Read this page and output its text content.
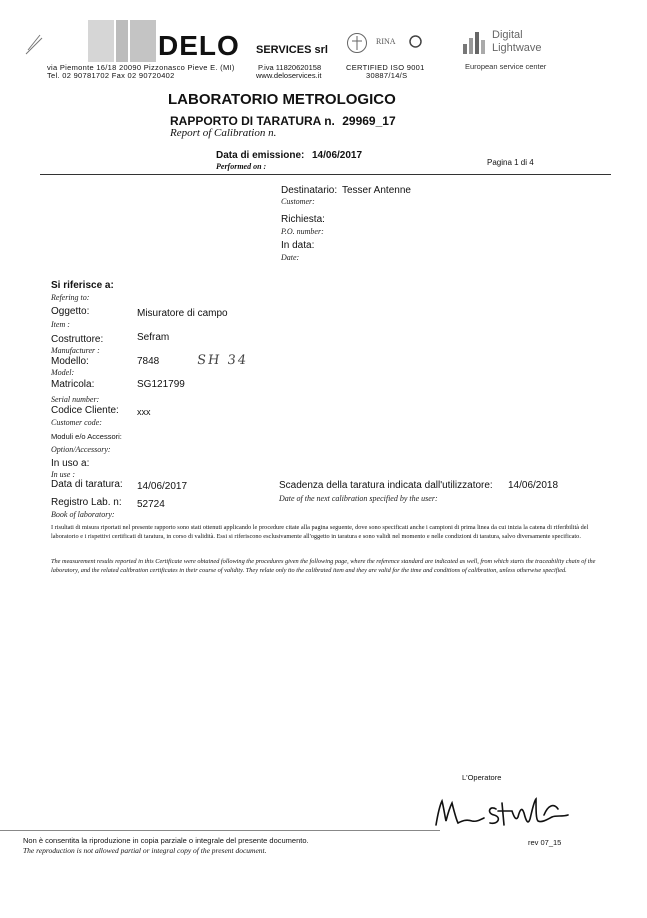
DELO SERVICES srl
via Piemonte 16/18 20090 Pizzonasco Pieve E. (MI)
Tel. 02 90781702 Fax 02 90720402
P.iva 11820620158
www.deloservices.it
RINA
CERTIFIED ISO 9001
30887/14/S
Digital
Lightwave
European service center
LABORATORIO METROLOGICO
RAPPORTO DI TARATURA n. 29969_17
Report of Calibration n.
Data di emissione: 14/06/2017
Performed on :	Pagina 1 di 4
Destinatario: Tesser Antenne
Customer:
Richiesta:
P.O. number:
In data:
Date:
Si riferisce a:
Refering to:
Oggetto:	Misuratore di campo
Item :
Costruttore:	Sefram
Manufacturer :
Modello:	7848	SH 34
Model:
Matricola:	SG121799
Serial number:
Codice Cliente: xxx
Customer code:
Moduli e/o Accessori:
Option/Accessory:
In uso a:
In use :
Data di taratura: 14/06/2017	Scadenza della taratura indicata dall'utilizzatore: 14/06/2018
Date of the next calibration specified by the user:
Registro Lab. n: 52724
Book of laboratory:
I risultati di misura riportati nel presente rapporto sono stati ottenuti applicando le procedure citate alla pagina seguente, dove sono specificati anche i campioni di prima linea da cui inizia la catena di riferibilità del laboratorio e i rispettivi certificati di taratura, in corso di validità. Essi si riferiscono esclusivamente all'oggetto in taratura e sono validi nel momento e nelle condizioni di taratura, salvo diversamente specificato.
The measurement results reported in this Certificate were obtained following the procedures given the following page, where the reference standard are indicated as well, from which starts the traceability chain of the laboratory, and the related calibration certificates in their course of validity. They relate only tto the calibrated item and they are valid for the time and conditions of calibration, unless otherwise specified.
L'Operatore
Non è consentita la riproduzione in copia parziale o integrale del presente documento.
The reproduction is not allowed partial or integral copy of the present document.
rev 07_15
